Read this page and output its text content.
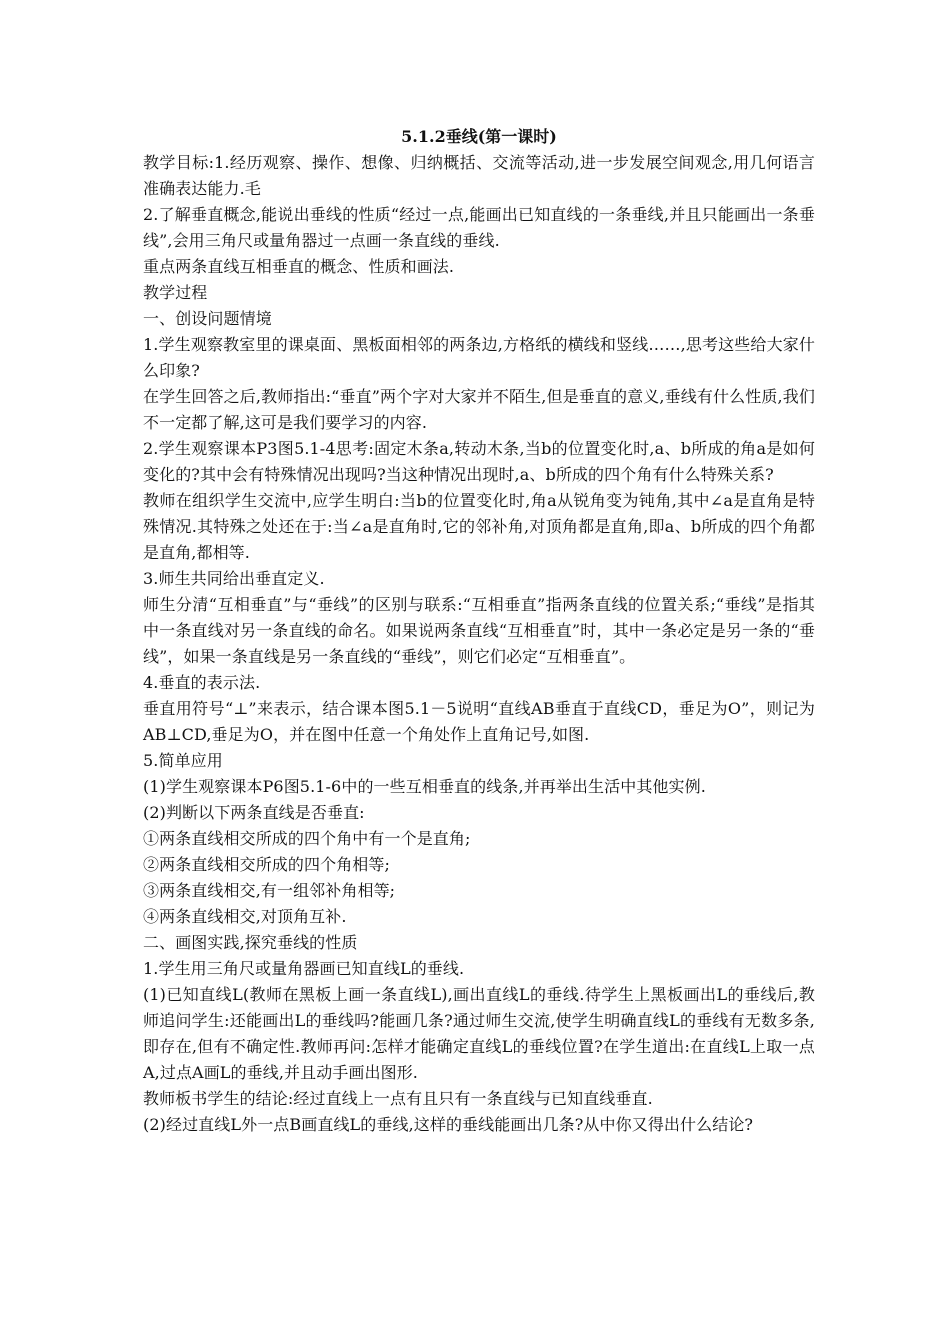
5.1.2垂线(第一课时)

教学目标:1.经历观察、操作、想像、归纳概括、交流等活动,进一步发展空间观念,用几何语言准确表达能力.毛

2.了解垂直概念,能说出垂线的性质“经过一点,能画出已知直线的一条垂线,并且只能画出一条垂线”,会用三角尺或量角器过一点画一条直线的垂线.

重点两条直线互相垂直的概念、性质和画法.

教学过程

一、创设问题情境

1.学生观察教室里的课桌面、黑板面相邻的两条边,方格纸的横线和竖线……,思考这些给大家什么印象?

在学生回答之后,教师指出:“垂直”两个字对大家并不陌生,但是垂直的意义,垂线有什么性质,我们不一定都了解,这可是我们要学习的内容.

2.学生观察课本P3图5.1-4思考:固定木条a,转动木条,当b的位置变化时,a、b所成的角a是如何变化的?其中会有特殊情况出现吗?当这种情况出现时,a、b所成的四个角有什么特殊关系?

教师在组织学生交流中,应学生明白:当b的位置变化时,角a从锐角变为钝角,其中∠a是直角是特殊情况.其特殊之处还在于:当∠a是直角时,它的邻补角,对顶角都是直角,即a、b所成的四个角都是直角,都相等.

3.师生共同给出垂直定义.

师生分清“互相垂直”与“垂线”的区别与联系:“互相垂直”指两条直线的位置关系;“垂线”是指其中一条直线对另一条直线的命名。如果说两条直线“互相垂直”时，其中一条必定是另一条的“垂线”，如果一条直线是另一条直线的“垂线”，则它们必定“互相垂直”。

4.垂直的表示法.

垂直用符号“⊥”来表示，结合课本图5.1－5说明“直线AB垂直于直线CD，垂足为O”，则记为AB⊥CD,垂足为O，并在图中任意一个角处作上直角记号,如图.

5.简单应用

(1)学生观察课本P6图5.1-6中的一些互相垂直的线条,并再举出生活中其他实例.

(2)判断以下两条直线是否垂直:

①两条直线相交所成的四个角中有一个是直角;

②两条直线相交所成的四个角相等;

③两条直线相交,有一组邻补角相等;

④两条直线相交,对顶角互补.

二、画图实践,探究垂线的性质

1.学生用三角尺或量角器画已知直线L的垂线.

(1)已知直线L(教师在黑板上画一条直线L),画出直线L的垂线.待学生上黑板画出L的垂线后,教师追问学生:还能画出L的垂线吗?能画几条?通过师生交流,使学生明确直线L的垂线有无数多条,即存在,但有不确定性.教师再问:怎样才能确定直线L的垂线位置?在学生道出:在直线L上取一点A,过点A画L的垂线,并且动手画出图形.

教师板书学生的结论:经过直线上一点有且只有一条直线与已知直线垂直.

(2)经过直线L外一点B画直线L的垂线,这样的垂线能画出几条?从中你又得出什么结论?
